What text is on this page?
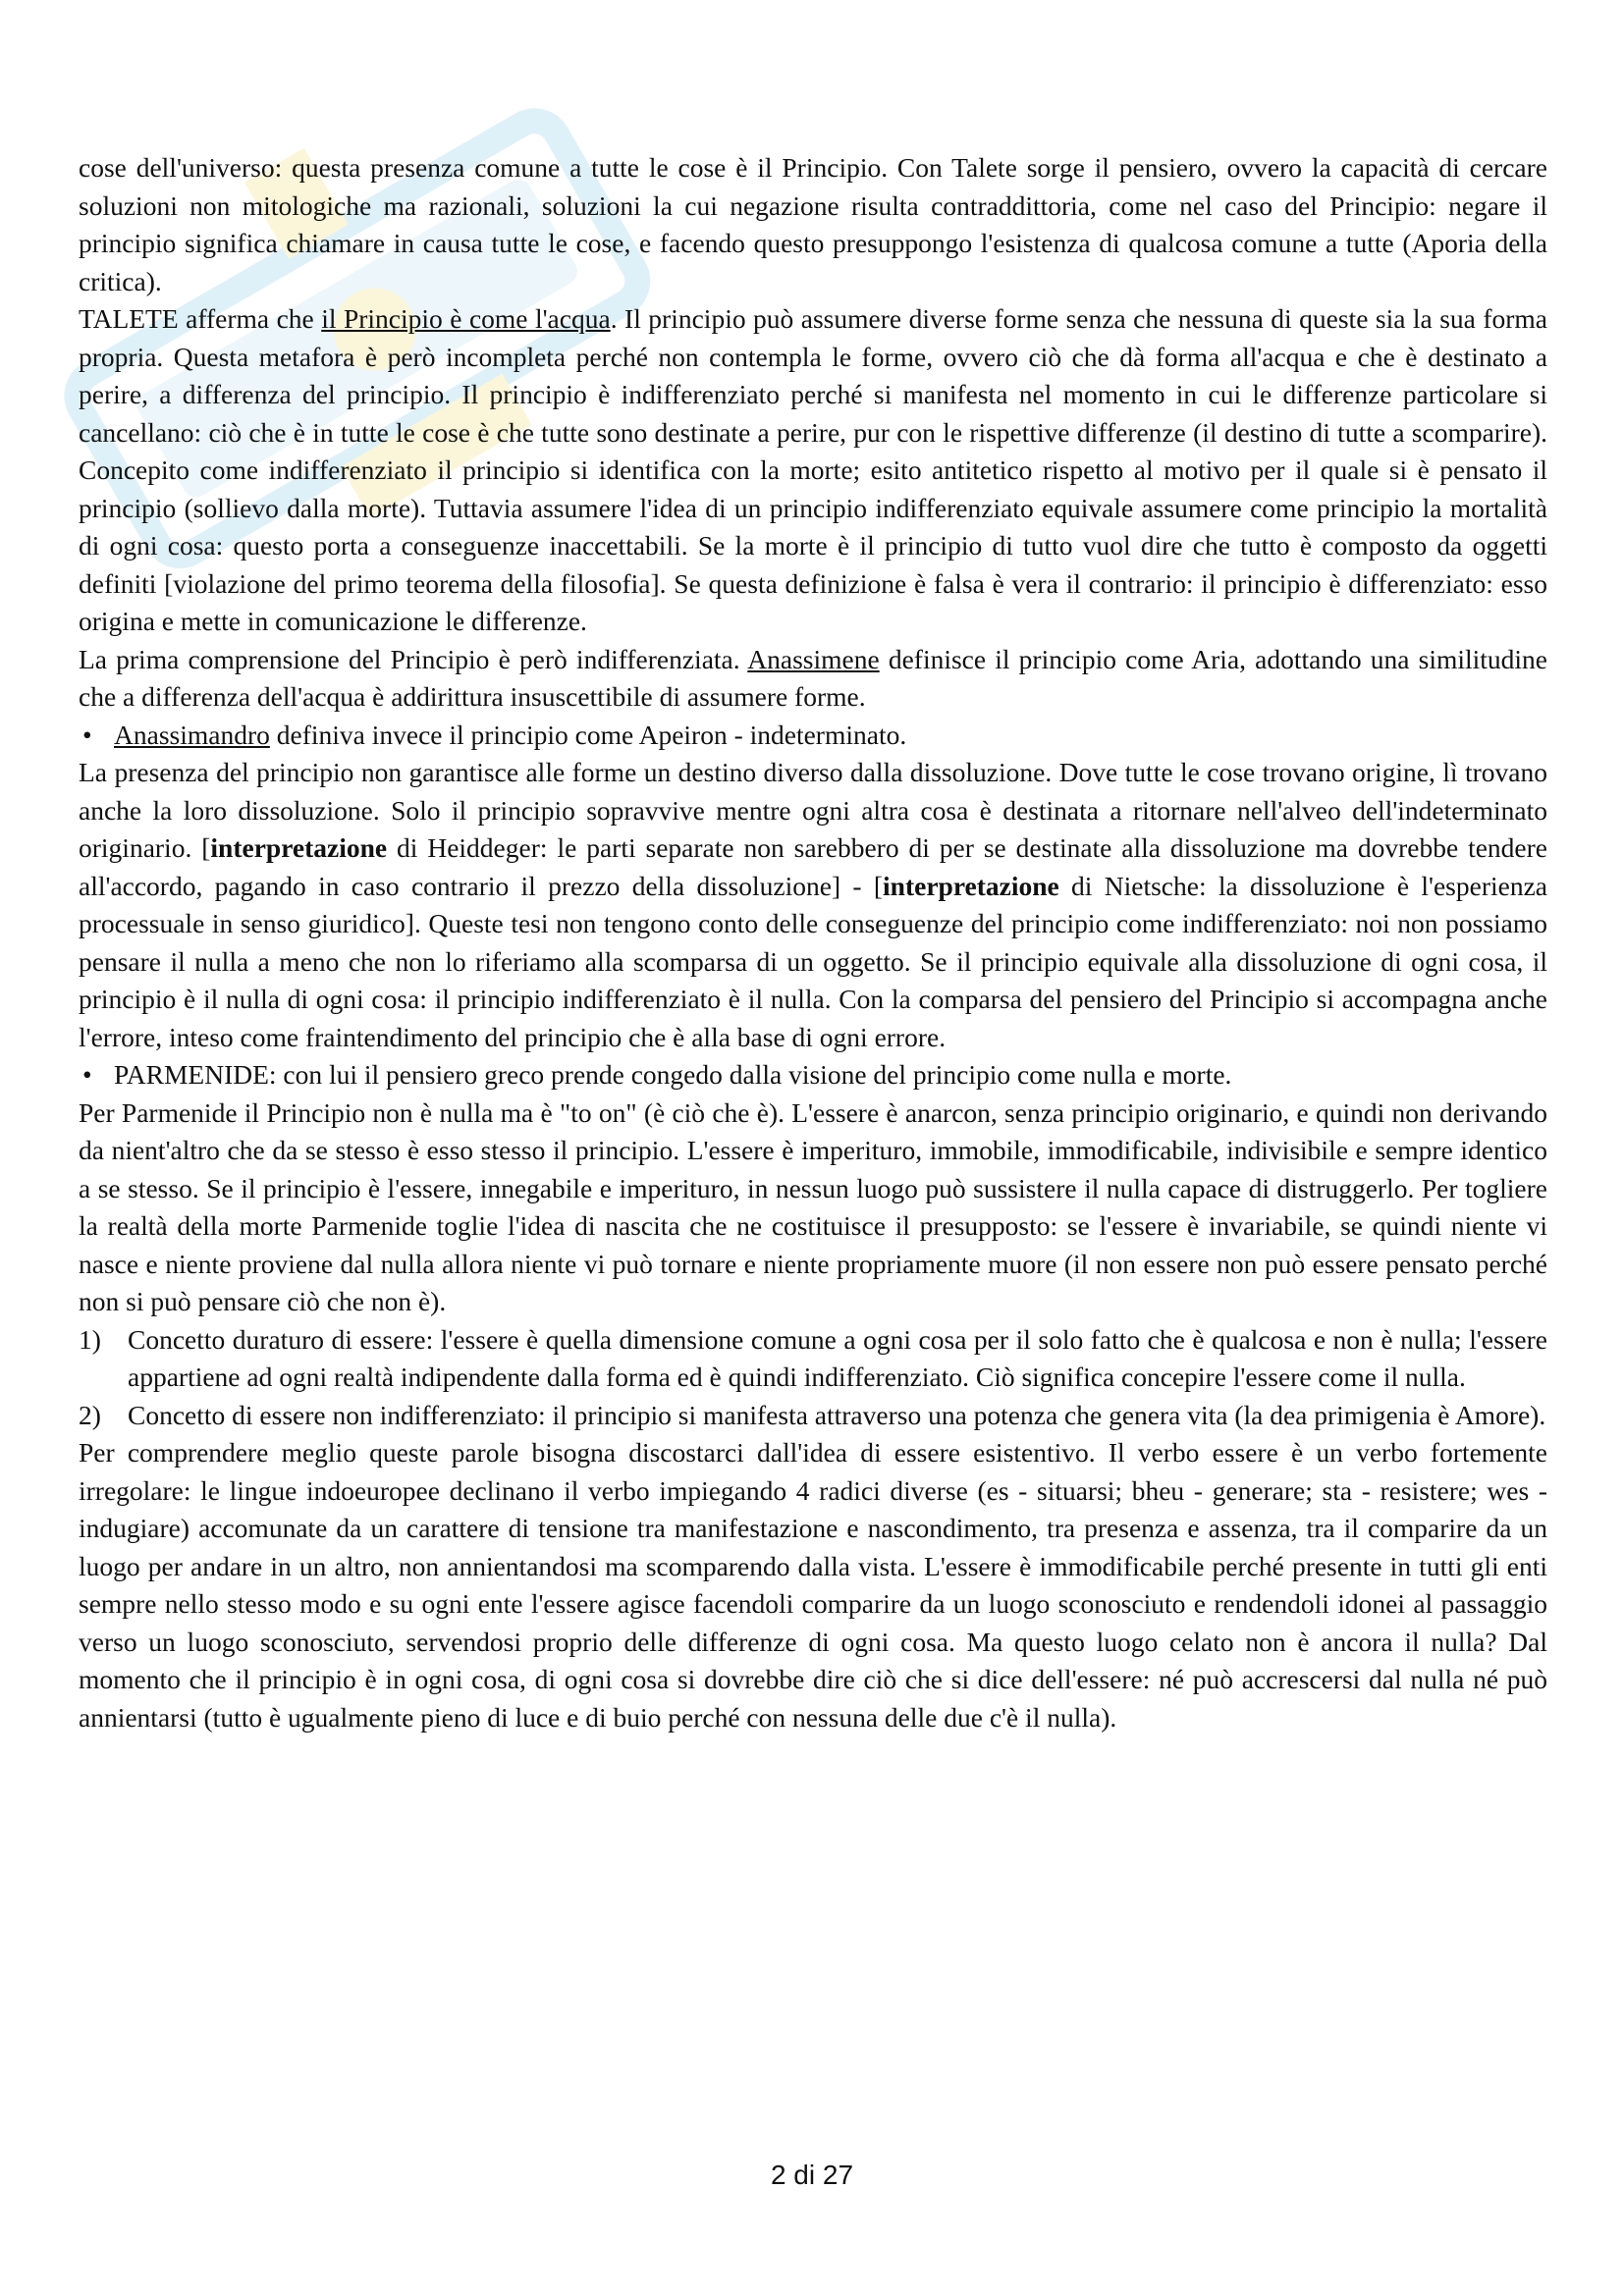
cose dell'universo: questa presenza comune a tutte le cose è il Principio. Con Talete sorge il pensiero, ovvero la capacità di cercare soluzioni non mitologiche ma razionali, soluzioni la cui negazione risulta contraddittoria, come nel caso del Principio: negare il principio significa chiamare in causa tutte le cose, e facendo questo presuppongo l'esistenza di qualcosa comune a tutte (Aporia della critica).

TALETE afferma che il Principio è come l'acqua. Il principio può assumere diverse forme senza che nessuna di queste sia la sua forma propria. Questa metafora è però incompleta perché non contempla le forme, ovvero ciò che dà forma all'acqua e che è destinato a perire, a differenza del principio. Il principio è indifferenziato perché si manifesta nel momento in cui le differenze particolare si cancellano: ciò che è in tutte le cose è che tutte sono destinate a perire, pur con le rispettive differenze (il destino di tutte a scomparire). Concepito come indifferenziato il principio si identifica con la morte; esito antitetico rispetto al motivo per il quale si è pensato il principio (sollievo dalla morte). Tuttavia assumere l'idea di un principio indifferenziato equivale assumere come principio la mortalità di ogni cosa: questo porta a conseguenze inaccettabili. Se la morte è il principio di tutto vuol dire che tutto è composto da oggetti definiti [violazione del primo teorema della filosofia]. Se questa definizione è falsa è vera il contrario: il principio è differenziato: esso origina e mette in comunicazione le differenze.

La prima comprensione del Principio è però indifferenziata. Anassimene definisce il principio come Aria, adottando una similitudine che a differenza dell'acqua è addirittura insuscettibile di assumere forme.

• Anassimandro definiva invece il principio come Apeiron - indeterminato.

La presenza del principio non garantisce alle forme un destino diverso dalla dissoluzione. Dove tutte le cose trovano origine, lì trovano anche la loro dissoluzione. Solo il principio sopravvive mentre ogni altra cosa è destinata a ritornare nell'alveo dell'indeterminato originario. [interpretazione di Heiddeger: le parti separate non sarebbero di per se destinate alla dissoluzione ma dovrebbe tendere all'accordo, pagando in caso contrario il prezzo della dissoluzione] - [interpretazione di Nietsche: la dissoluzione è l'esperienza processuale in senso giuridico]. Queste tesi non tengono conto delle conseguenze del principio come indifferenziato: noi non possiamo pensare il nulla a meno che non lo riferiamo alla scomparsa di un oggetto. Se il principio equivale alla dissoluzione di ogni cosa, il principio è il nulla di ogni cosa: il principio indifferenziato è il nulla. Con la comparsa del pensiero del Principio si accompagna anche l'errore, inteso come fraintendimento del principio che è alla base di ogni errore.

• PARMENIDE: con lui il pensiero greco prende congedo dalla visione del principio come nulla e morte.

Per Parmenide il Principio non è nulla ma è "to on" (è ciò che è). L'essere è anarcon, senza principio originario, e quindi non derivando da nient'altro che da se stesso è esso stesso il principio. L'essere è imperituro, immobile, immodificabile, indivisibile e sempre identico a se stesso. Se il principio è l'essere, innegabile e imperituro, in nessun luogo può sussistere il nulla capace di distruggerlo. Per togliere la realtà della morte Parmenide toglie l'idea di nascita che ne costituisce il presupposto: se l'essere è invariabile, se quindi niente vi nasce e niente proviene dal nulla allora niente vi può tornare e niente propriamente muore (il non essere non può essere pensato perché non si può pensare ciò che non è).

1) Concetto duraturo di essere: l'essere è quella dimensione comune a ogni cosa per il solo fatto che è qualcosa e non è nulla; l'essere appartiene ad ogni realtà indipendente dalla forma ed è quindi indifferenziato. Ciò significa concepire l'essere come il nulla.

2) Concetto di essere non indifferenziato: il principio si manifesta attraverso una potenza che genera vita (la dea primigenia è Amore).

Per comprendere meglio queste parole bisogna discostarci dall'idea di essere esistentivo. Il verbo essere è un verbo fortemente irregolare: le lingue indoeuropee declinano il verbo impiegando 4 radici diverse (es - situarsi; bheu - generare; sta - resistere; wes - indugiare) accomunate da un carattere di tensione tra manifestazione e nascondimento, tra presenza e assenza, tra il comparire da un luogo per andare in un altro, non annientandosi ma scomparendo dalla vista. L'essere è immodificabile perché presente in tutti gli enti sempre nello stesso modo e su ogni ente l'essere agisce facendoli comparire da un luogo sconosciuto e rendendoli idonei al passaggio verso un luogo sconosciuto, servendosi proprio delle differenze di ogni cosa. Ma questo luogo celato non è ancora il nulla? Dal momento che il principio è in ogni cosa, di ogni cosa si dovrebbe dire ciò che si dice dell'essere: né può accrescersi dal nulla né può annientarsi (tutto è ugualmente pieno di luce e di buio perché con nessuna delle due c'è il nulla).

2 di 27
